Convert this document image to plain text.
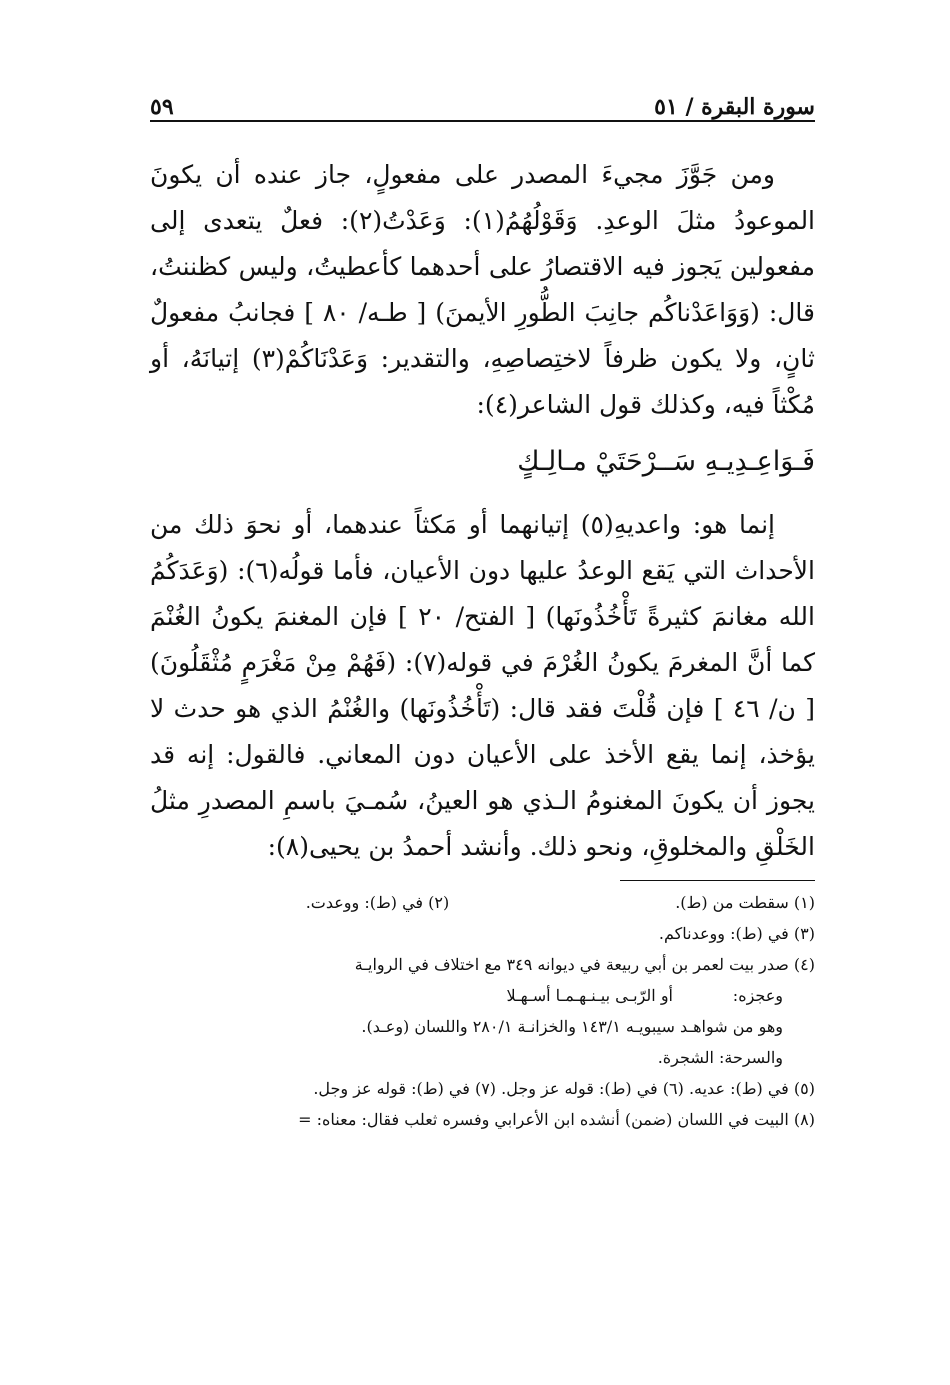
سورة البقرة / ٥١
٥٩

ومن جَوَّزَ مجيءَ المصدر على مفعولٍ، جاز عنده أن يكونَ الموعودُ مثلَ الوعدِ. وَقَوْلُهُمُ(١): وَعَدْتُ(٢): فعلٌ يتعدى إلى مفعولين يَجوز فيه الاقتصارُ على أحدهما كأعطيتُ، وليس كظننتُ، قال: (وَوَاعَدْناكُم جانِبَ الطُّورِ الأيمنَ) [ طـه/ ٨٠ ] فجانبُ مفعولٌ ثانٍ، ولا يكون ظرفاً لاختِصاصِهِ، والتقدير: وَعَدْنَاكُمْ(٣) إتيانَهُ، أو مُكْثاً فيه، وكذلك قول الشاعر(٤):

فَـوَاعِـدِيـهِ سَــرْحَتَيْ مـالِـكٍ

إنما هو: واعديهِ(٥) إتيانهما أو مَكثاً عندهما، أو نحوَ ذلك من الأحداث التي يَقع الوعدُ عليها دون الأعيان، فأما قولُه(٦): (وَعَدَكُمُ الله مغانمَ كثيرةً تَأْخُذُونَها) [ الفتح/ ٢٠ ] فإن المغنمَ يكونُ الغُنْمَ كما أنَّ المغرمَ يكونُ الغُرْمَ في قوله(٧): (فَهُمْ مِنْ مَغْرَمٍ مُثْقَلُونَ) [ ن/ ٤٦ ] فإن قُلْتَ فقد قال: (تَأْخُذُونَها) والغُنْمُ الذي هو حدث لا يؤخذ، إنما يقع الأخذ على الأعيان دون المعاني. فالقول: إنه قد يجوز أن يكونَ المغنومُ الـذي هو العينُ، سُمـيَ باسمِ المصدرِ مثلُ الخَلْقِ والمخلوقِ، ونحو ذلك. وأنشد أحمدُ بن يحيى(٨):

(١) سقطت من (ط).
(٢) في (ط): ووعدت.
(٣) في (ط): ووعدناكم.
(٤) صدر بيت لعمر بن أبي ربيعة في ديوانه ٣٤٩ مع اختلاف في الروايـة
وعجزه:
أو الرّبـى بيـنـهـمـا أسـهـلا
وهو من شواهـد سيبويـه ١٤٣/١ والخزانـة ٢٨٠/١ واللسان (وعـد).
والسرحة: الشجرة.
(٥) في (ط): عديه. (٦) في (ط): قوله عز وجل. (٧) في (ط): قوله عز وجل.
(٨) البيت في اللسان (ضمن) أنشده ابن الأعرابي وفسره ثعلب فقال: معناه: =
